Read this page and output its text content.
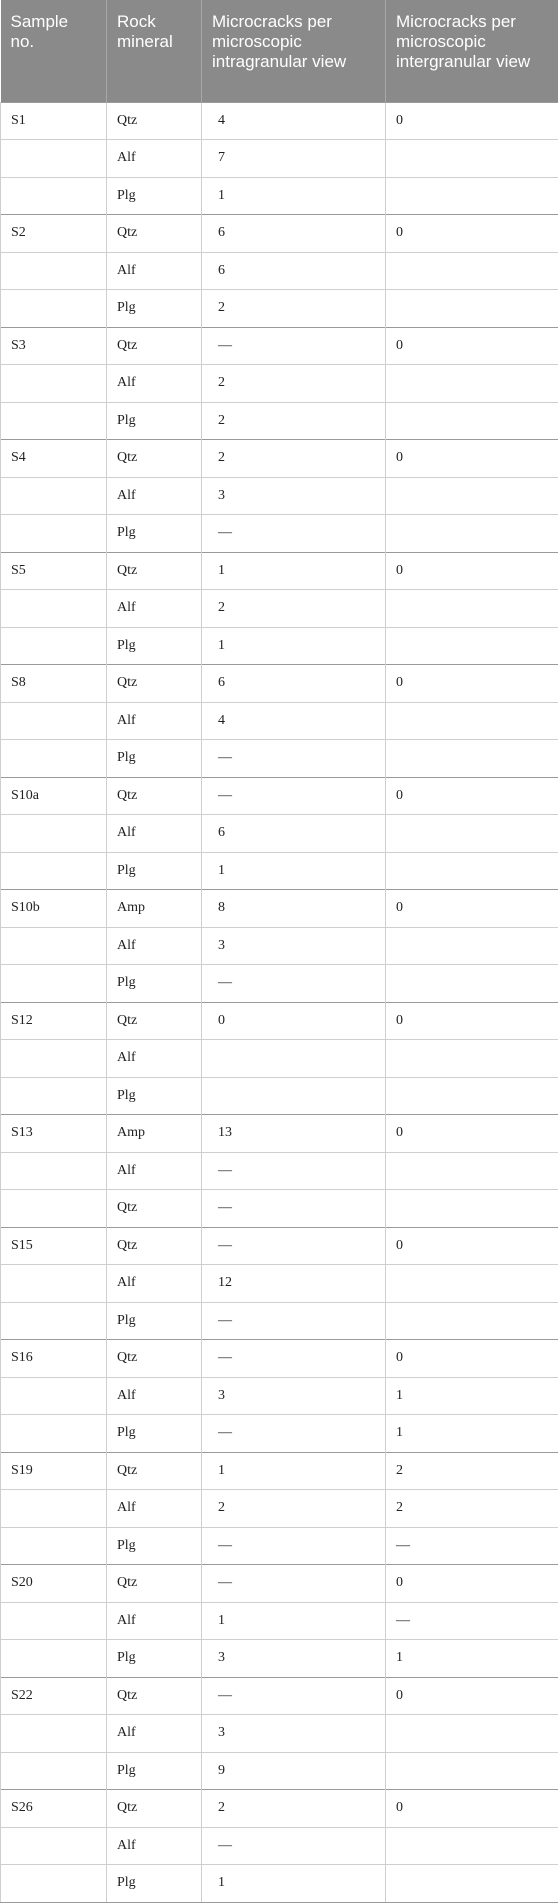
Sample no.	Rock mineral	Microcracks per microscopic intragranular view	Microcracks per microscopic intergranular view
S1	Qtz	4	0
	Alf	7	
	Plg	1	
S2	Qtz	6	0
	Alf	6	
	Plg	2	
S3	Qtz	—	0
	Alf	2	
	Plg	2	
S4	Qtz	2	0
	Alf	3	
	Plg	—	
S5	Qtz	1	0
	Alf	2	
	Plg	1	
S8	Qtz	6	0
	Alf	4	
	Plg	—	
S10a	Qtz	—	0
	Alf	6	
	Plg	1	
S10b	Amp	8	0
	Alf	3	
	Plg	—	
S12	Qtz	0	0
	Alf		
	Plg		
S13	Amp	13	0
	Alf	—	
	Qtz	—	
S15	Qtz	—	0
	Alf	12	
	Plg	—	
S16	Qtz	—	0
	Alf	3	1
	Plg	—	1
S19	Qtz	1	2
	Alf	2	2
	Plg	—	—
S20	Qtz	—	0
	Alf	1	—
	Plg	3	1
S22	Qtz	—	0
	Alf	3	
	Plg	9	
S26	Qtz	2	0
	Alf	—	
	Plg	1	
